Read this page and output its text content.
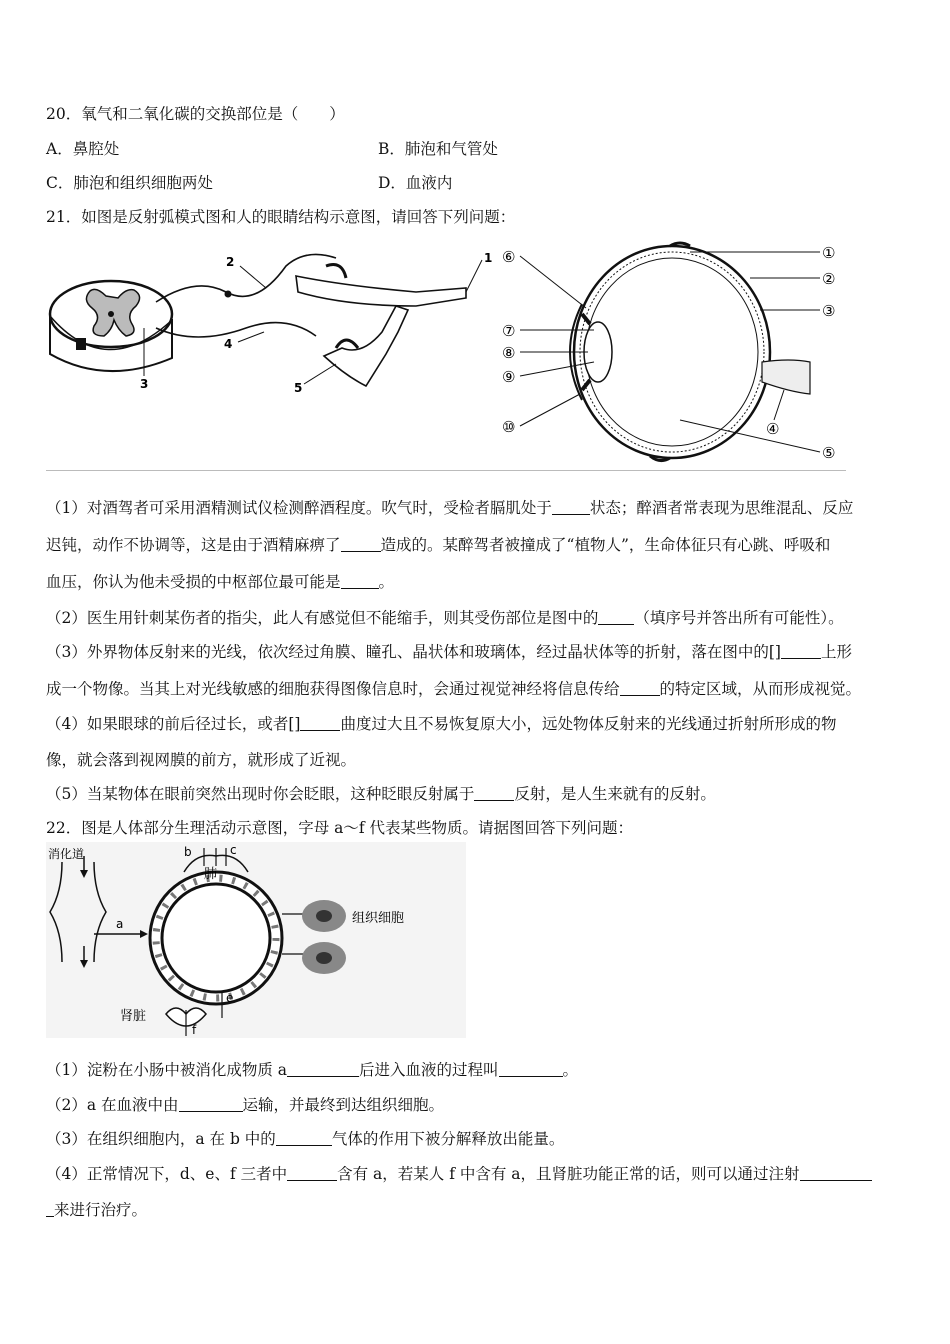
20．氧气和二氧化碳的交换部位是（　　）
A．鼻腔处	B．肺泡和气管处
C．肺泡和组织细胞两处	D．血液内
21．如图是反射弧模式图和人的眼睛结构示意图，请回答下列问题：
1
2
3
4
5
①
②
③
④
⑤
⑥
⑦
⑧
⑨
⑩
（1）对酒驾者可采用酒精测试仪检测醉酒程度。吹气时，受检者膈肌处于 状态；醉酒者常表现为思维混乱、反应
迟钝，动作不协调等，这是由于酒精麻痹了	造成的。某醉驾者被撞成了“植物人”，生命体征只有心跳、呼吸和
血压，你认为他未受损的中枢部位最可能是 。
（2）医生用针刺某伤者的指尖，此人有感觉但不能缩手，则其受伤部位是图中的 （填序号并答出所有可能性）。
（3）外界物体反射来的光线，依次经过角膜、瞳孔、晶状体和玻璃体，经过晶状体等的折射，落在图中的[]	上形
成一个物像。当其上对光线敏感的细胞获得图像信息时，会通过视觉神经将信息传给	的特定区域，从而形成视觉。
（4）如果眼球的前后径过长，或者[]	曲度过大且不易恢复原大小，远处物体反射来的光线通过折射所形成的物
像，就会落到视网膜的前方，就形成了近视。
（5）当某物体在眼前突然出现时你会眨眼，这种眨眼反射属于	反射，是人生来就有的反射。
22．图是人体部分生理活动示意图，字母 a～f 代表某些物质。请据图回答下列问题：
消化道
a
肺
b	c
组织细胞
肾脏
f
e
（1）淀粉在小肠中被消化成物质 a	后进入血液的过程叫	。
（2）a 在血液中由	运输，并最终到达组织细胞。
（3）在组织细胞内，a 在 b 中的	气体的作用下被分解释放出能量。
（4）正常情况下，d、e、f 三者中	含有 a，若某人 f 中含有 a，且肾脏功能正常的话，则可以通过注射
来进行治疗。
